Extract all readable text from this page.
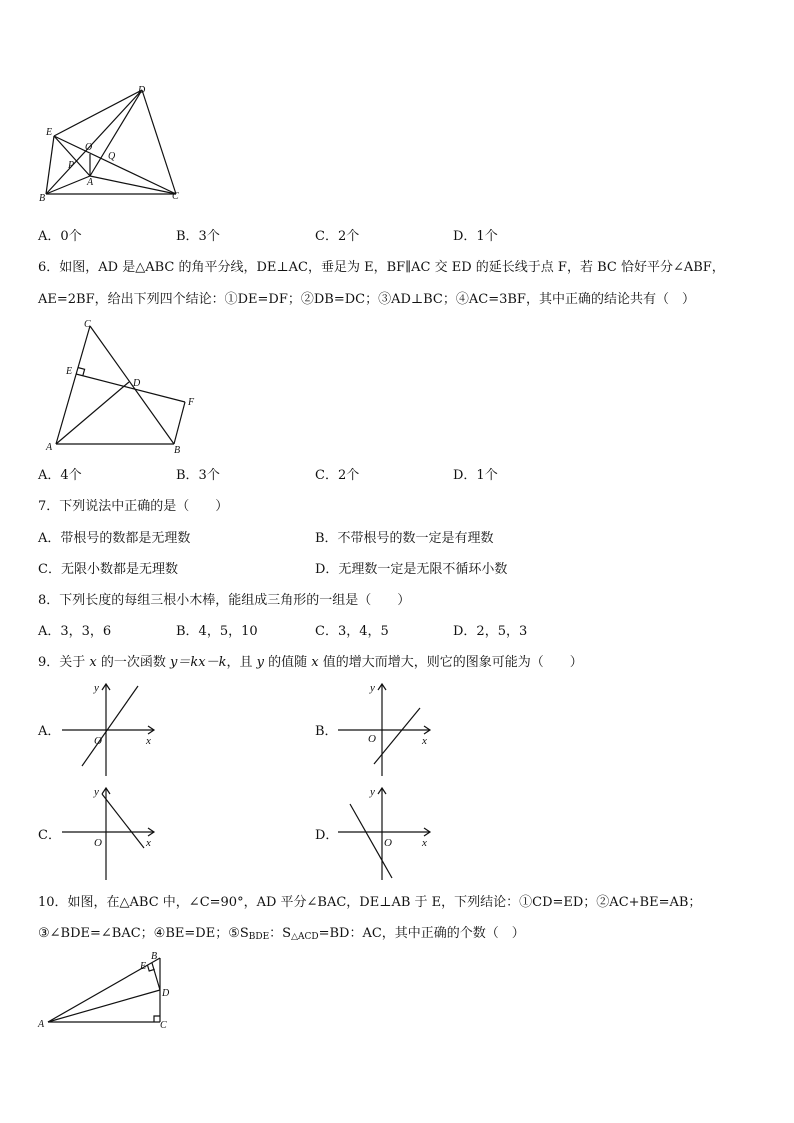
D
E
O
P
Q
A
B	C
A．0个	B．3个	C．2个	D．1个
6．如图，AD 是△ABC 的角平分线，DE⊥AC，垂足为 E，BF∥AC 交 ED 的延长线于点 F，若 BC 恰好平分∠ABF，
AE=2BF，给出下列四个结论：①DE=DF；②DB=DC；③AD⊥BC；④AC=3BF，其中正确的结论共有（　）
C
E
D
F
A	B
A．4个	B．3个	C．2个	D．1个
7．下列说法中正确的是（　　）
A．带根号的数都是无理数	B．不带根号的数一定是有理数
C．无限小数都是无理数	D．无理数一定是无限不循环小数
8．下列长度的每组三根小木棒，能组成三角形的一组是（　　）
A．3，3，6	B．4，5，10	C．3，4，5	D．2，5，3
9．关于 x 的一次函数 y＝kx－k，且 y 的值随 x 值的增大而增大，则它的图象可能为（　　）
A．	B．
C．	D．
y
x
O
y
x
O
y
x
O
y
x
O
10．如图，在△ABC 中，∠C=90°，AD 平分∠BAC，DE⊥AB 于 E，下列结论：①CD=ED；②AC+BE=AB；
③∠BDE=∠BAC；④BE=DE；$⑤S_{BDE}$：$S_{\triangle ACD}=BD$：AC，其中正确的个数（　）
B
E
D
A	C
